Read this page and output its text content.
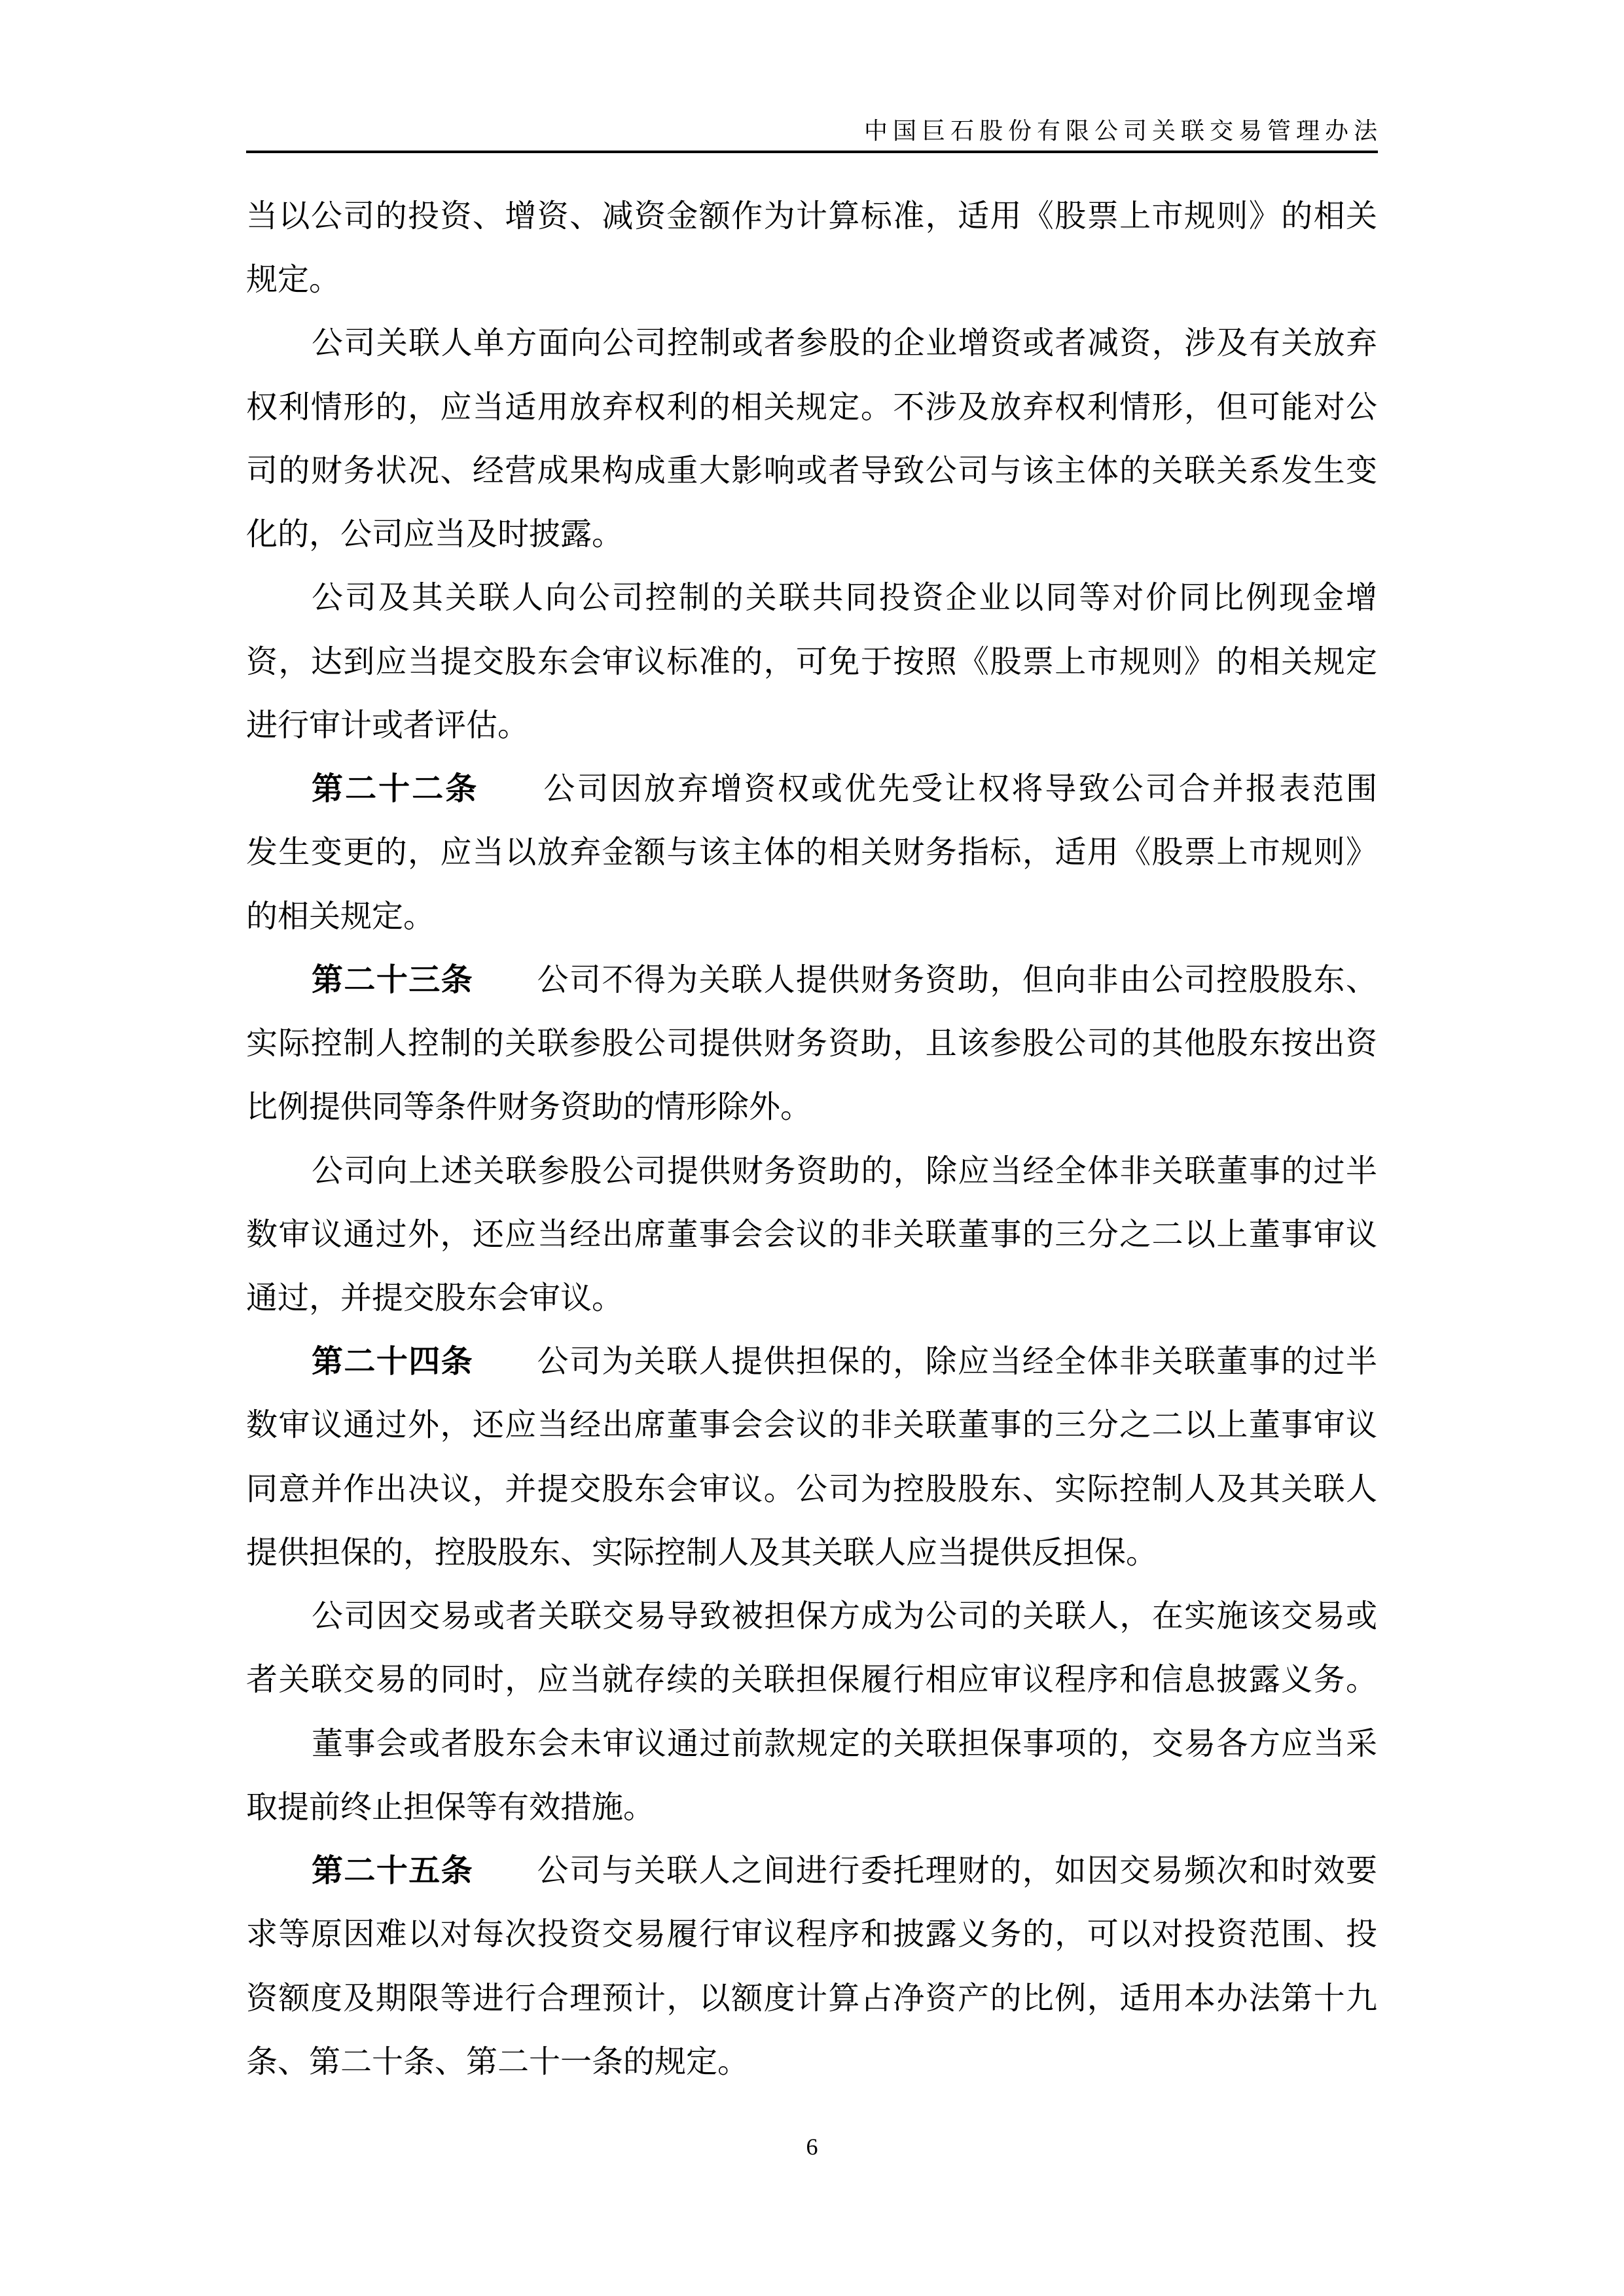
中国巨石股份有限公司关联交易管理办法
当以公司的投资、增资、减资金额作为计算标准，适用《股票上市规则》的相关
规定。
公司关联人单方面向公司控制或者参股的企业增资或者减资，涉及有关放弃
权利情形的，应当适用放弃权利的相关规定。不涉及放弃权利情形，但可能对公
司的财务状况、经营成果构成重大影响或者导致公司与该主体的关联关系发生变
化的，公司应当及时披露。
公司及其关联人向公司控制的关联共同投资企业以同等对价同比例现金增
资，达到应当提交股东会审议标准的，可免于按照《股票上市规则》的相关规定
进行审计或者评估。
第二十二条 公司因放弃增资权或优先受让权将导致公司合并报表范围
发生变更的，应当以放弃金额与该主体的相关财务指标，适用《股票上市规则》
的相关规定。
第二十三条 公司不得为关联人提供财务资助，但向非由公司控股股东、
实际控制人控制的关联参股公司提供财务资助，且该参股公司的其他股东按出资
比例提供同等条件财务资助的情形除外。
公司向上述关联参股公司提供财务资助的，除应当经全体非关联董事的过半
数审议通过外，还应当经出席董事会会议的非关联董事的三分之二以上董事审议
通过，并提交股东会审议。
第二十四条 公司为关联人提供担保的，除应当经全体非关联董事的过半
数审议通过外，还应当经出席董事会会议的非关联董事的三分之二以上董事审议
同意并作出决议，并提交股东会审议。公司为控股股东、实际控制人及其关联人
提供担保的，控股股东、实际控制人及其关联人应当提供反担保。
公司因交易或者关联交易导致被担保方成为公司的关联人，在实施该交易或
者关联交易的同时，应当就存续的关联担保履行相应审议程序和信息披露义务。
董事会或者股东会未审议通过前款规定的关联担保事项的，交易各方应当采
取提前终止担保等有效措施。
第二十五条 公司与关联人之间进行委托理财的，如因交易频次和时效要
求等原因难以对每次投资交易履行审议程序和披露义务的，可以对投资范围、投
资额度及期限等进行合理预计，以额度计算占净资产的比例，适用本办法第十九
条、第二十条、第二十一条的规定。
6
